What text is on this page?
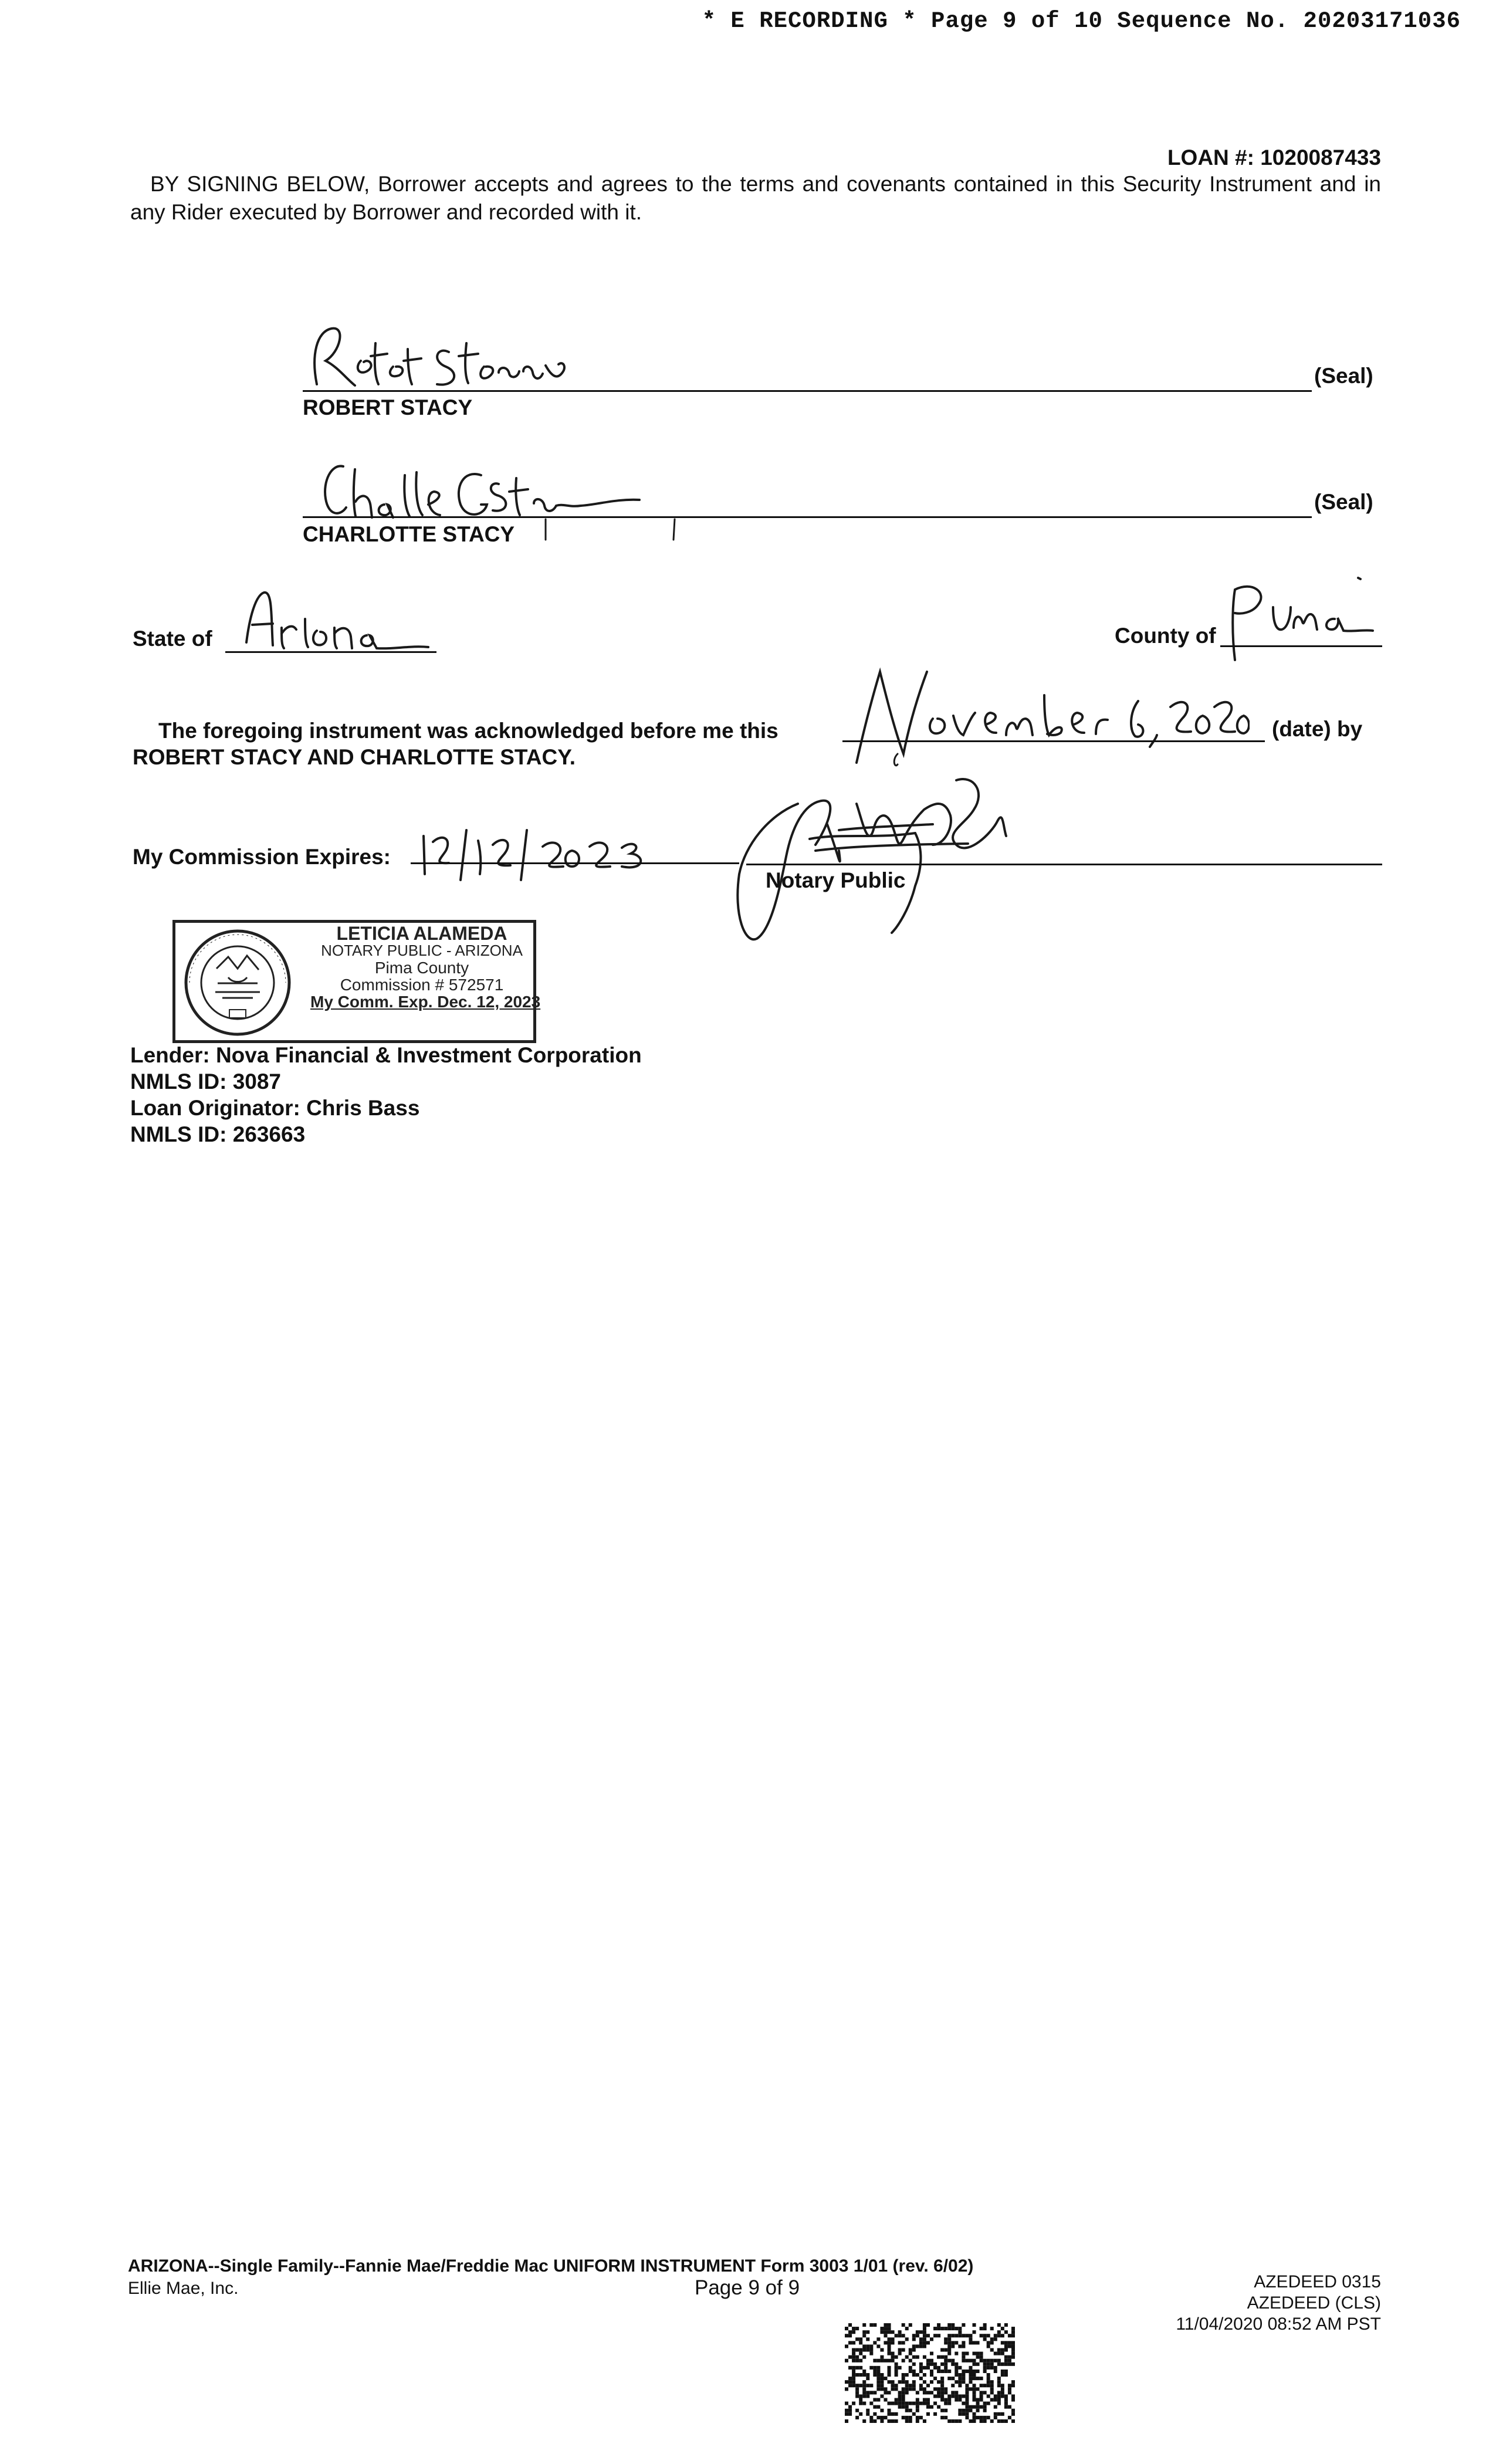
* E RECORDING * Page 9 of 10 Sequence No. 20203171036
LOAN #: 1020087433
BY SIGNING BELOW, Borrower accepts and agrees to the terms and covenants contained in this Security Instrument and in any Rider executed by Borrower and recorded with it.
(Seal)
ROBERT STACY
(Seal)
CHARLOTTE STACY
State of	County of
The foregoing instrument was acknowledged before me this	(date) by
ROBERT STACY AND CHARLOTTE STACY.
My Commission Expires:
Notary Public
LETICIA ALAMEDA
NOTARY PUBLIC - ARIZONA
Pima County
Commission # 572571
My Comm. Exp. Dec. 12, 2023
Lender: Nova Financial & Investment Corporation
NMLS ID: 3087
Loan Originator: Chris Bass
NMLS ID: 263663
ARIZONA--Single Family--Fannie Mae/Freddie Mac UNIFORM INSTRUMENT Form 3003 1/01 (rev. 6/02)
Ellie Mae, Inc.	Page 9 of 9	AZEDEED 0315
AZEDEED (CLS)
11/04/2020 08:52 AM PST
